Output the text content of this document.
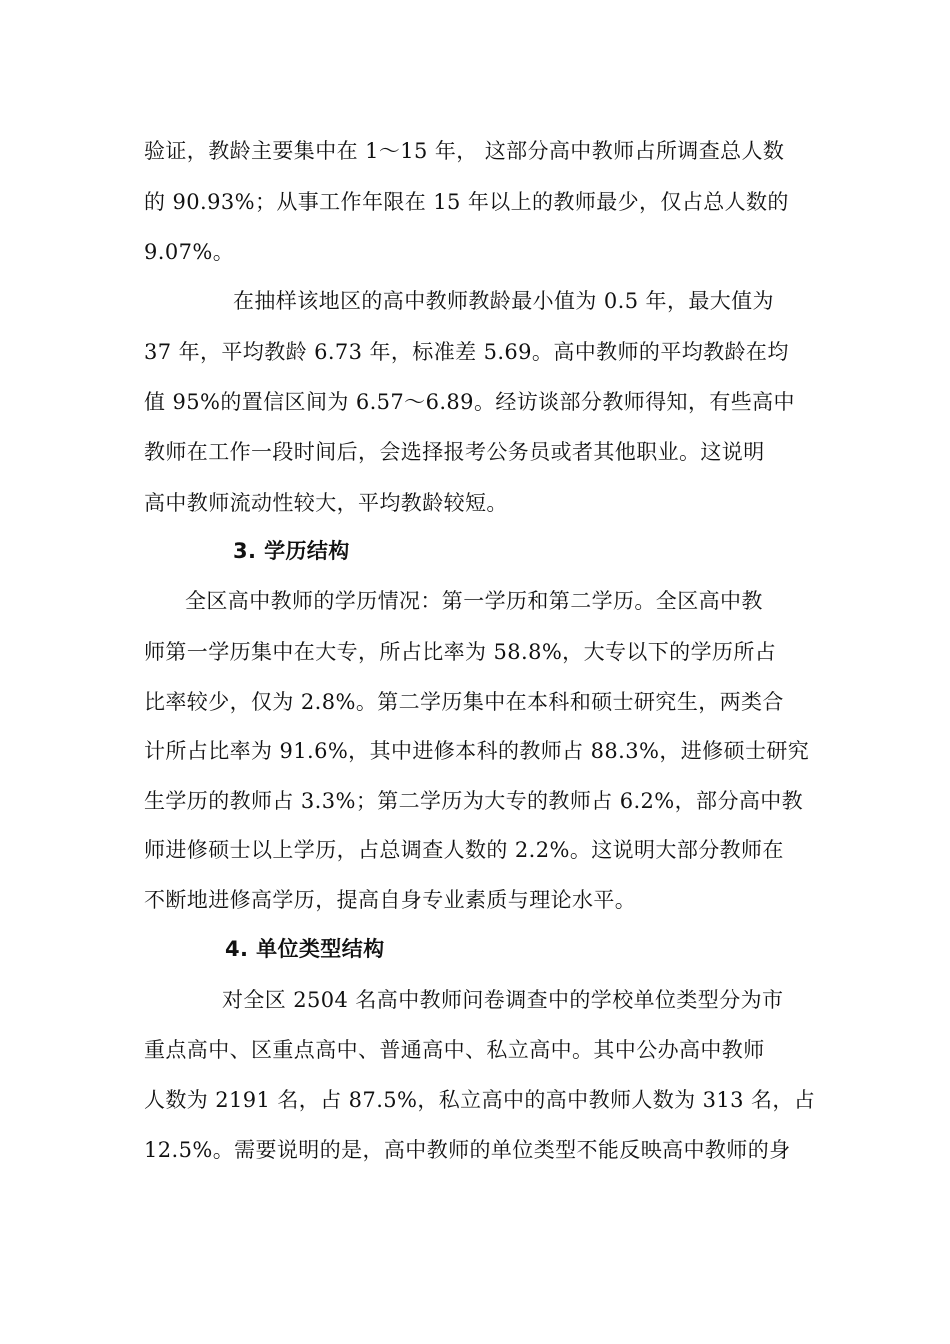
验证，教龄主要集中在 1～15 年， 这部分高中教师占所调查总人数
的 90.93%；从事工作年限在 15 年以上的教师最少，仅占总人数的
9.07%。
在抽样该地区的高中教师教龄最小值为 0.5 年，最大值为
37 年，平均教龄 6.73 年，标准差 5.69。高中教师的平均教龄在均
值 95%的置信区间为 6.57～6.89。经访谈部分教师得知，有些高中
教师在工作一段时间后，会选择报考公务员或者其他职业。这说明
高中教师流动性较大，平均教龄较短。
3. 学历结构
全区高中教师的学历情况：第一学历和第二学历。全区高中教
师第一学历集中在大专，所占比率为 58.8%，大专以下的学历所占
比率较少，仅为 2.8%。第二学历集中在本科和硕士研究生，两类合
计所占比率为 91.6%，其中进修本科的教师占 88.3%，进修硕士研究
生学历的教师占 3.3%；第二学历为大专的教师占 6.2%，部分高中教
师进修硕士以上学历，占总调查人数的 2.2%。这说明大部分教师在
不断地进修高学历，提高自身专业素质与理论水平。
4. 单位类型结构
对全区 2504 名高中教师问卷调查中的学校单位类型分为市
重点高中、区重点高中、普通高中、私立高中。其中公办高中教师
人数为 2191 名，占 87.5%，私立高中的高中教师人数为 313 名，占
12.5%。需要说明的是，高中教师的单位类型不能反映高中教师的身
